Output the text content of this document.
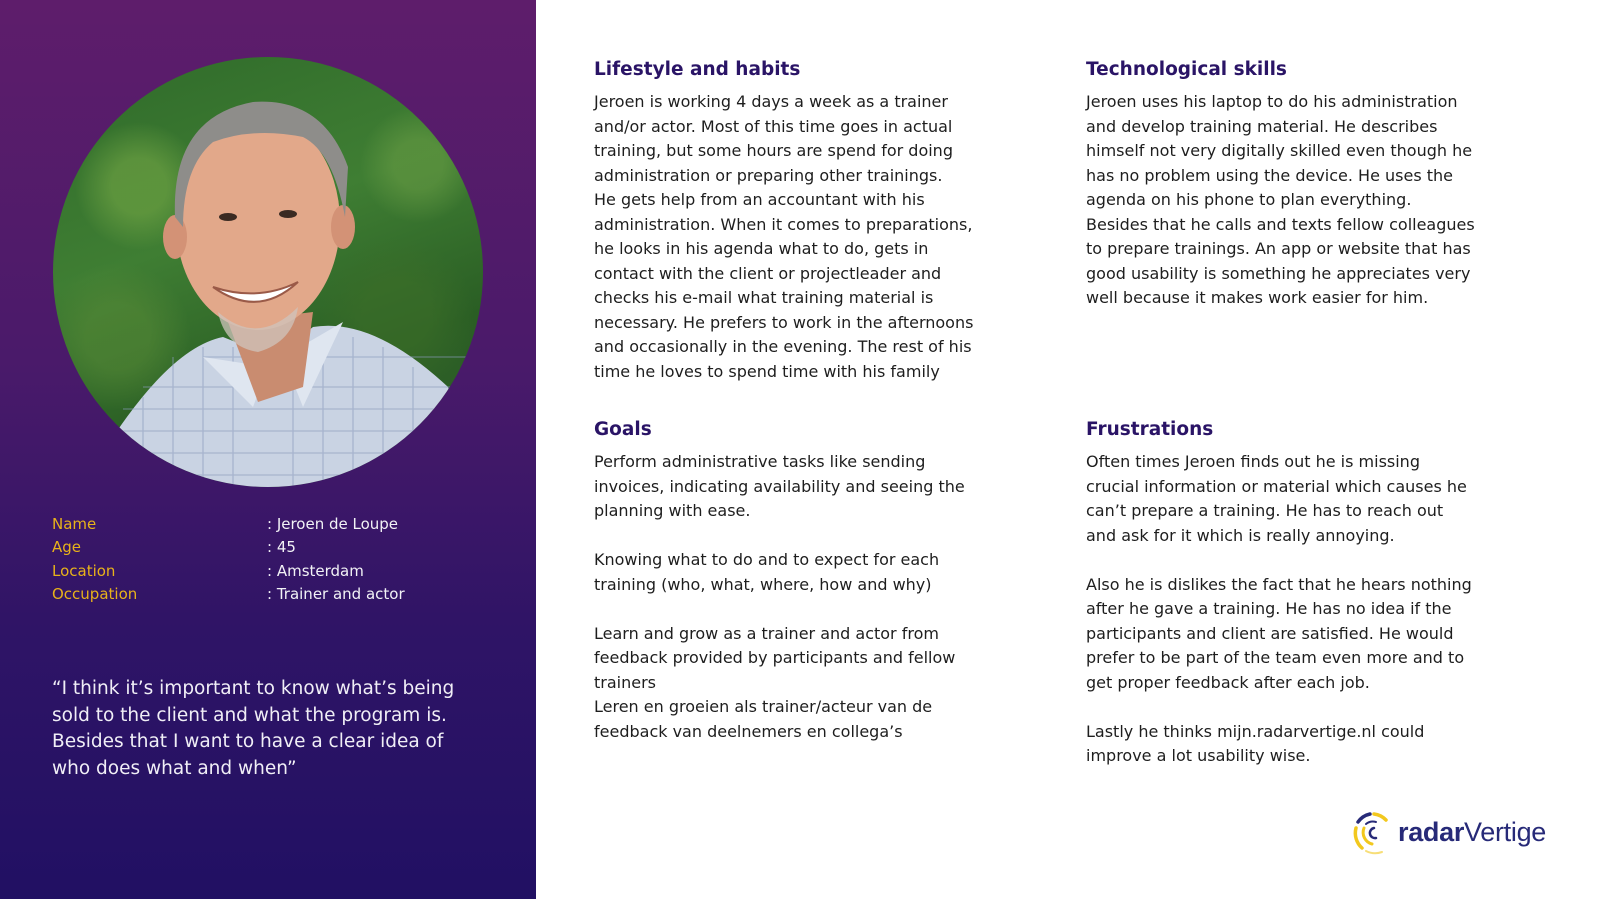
Name	: Jeroen de Loupe
Age	: 45
Location	: Amsterdam
Occupation	: Trainer and actor

“I think it’s important to know what’s being sold to the client and what the program is. Besides that I want to have a clear idea of who does what and when”

Lifestyle and habits

Jeroen is working 4 days a week as a trainer
and/or actor. Most of this time goes in actual
training, but some hours are spend for doing
administration or preparing other trainings.
He gets help from an accountant with his
administration. When it comes to preparations,
he looks in his agenda what to do, gets in
contact with the client or projectleader and
checks his e-mail what training material is
necessary. He prefers to work in the afternoons
and occasionally in the evening. The rest of his
time he loves to spend time with his family

Technological skills

Jeroen uses his laptop to do his administration
and develop training material. He describes
himself not very digitally skilled even though he
has no problem using the device. He uses the
agenda on his phone to plan everything.
Besides that he calls and texts fellow colleagues
to prepare trainings. An app or website that has
good usability is something he appreciates very
well because it makes work easier for him.

Goals

Perform administrative tasks like sending
invoices, indicating availability and seeing the
planning with ease.

Knowing what to do and to expect for each
training (who, what, where, how and why)

Learn and grow as a trainer and actor from
feedback provided by participants and fellow
trainers

Leren en groeien als trainer/acteur van de
feedback van deelnemers en collega’s

Frustrations

Often times Jeroen finds out he is missing
crucial information or material which causes he
can’t prepare a training. He has to reach out
and ask for it which is really annoying.

Also he is dislikes the fact that he hears nothing
after he gave a training. He has no idea if the
participants and client are satisfied. He would
prefer to be part of the team even more and to
get proper feedback after each job.

Lastly he thinks mijn.radarvertige.nl could
improve a lot usability wise.

radarVertige
